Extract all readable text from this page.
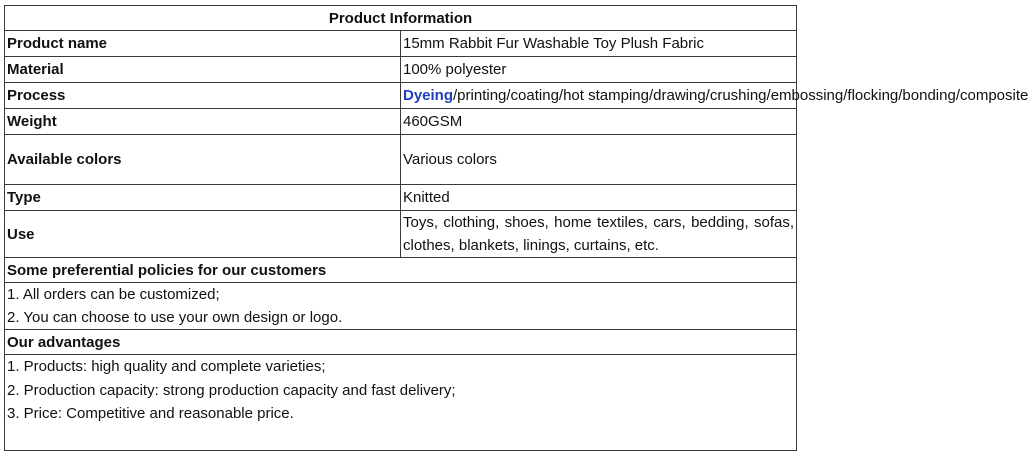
Product Information	
Product name	15mm Rabbit Fur Washable Toy Plush Fabric
Material	100% polyester
Process	Dyeing/printing/coating/hot stamping/drawing/crushing/embossing/flocking/bonding/composite
Weight	460GSM
Available colors	Various colors
Type	Knitted
Use	Toys, clothing, shoes, home textiles, cars, bedding, sofas, clothes, blankets, linings, curtains, etc.
Some preferential policies for our customers	

1. All orders can be customized;
2. You can choose to use your own design or logo.	

Our advantages	

1. Products: high quality and complete varieties;
2. Production capacity: strong production capacity and fast delivery;
3. Price: Competitive and reasonable price.	
